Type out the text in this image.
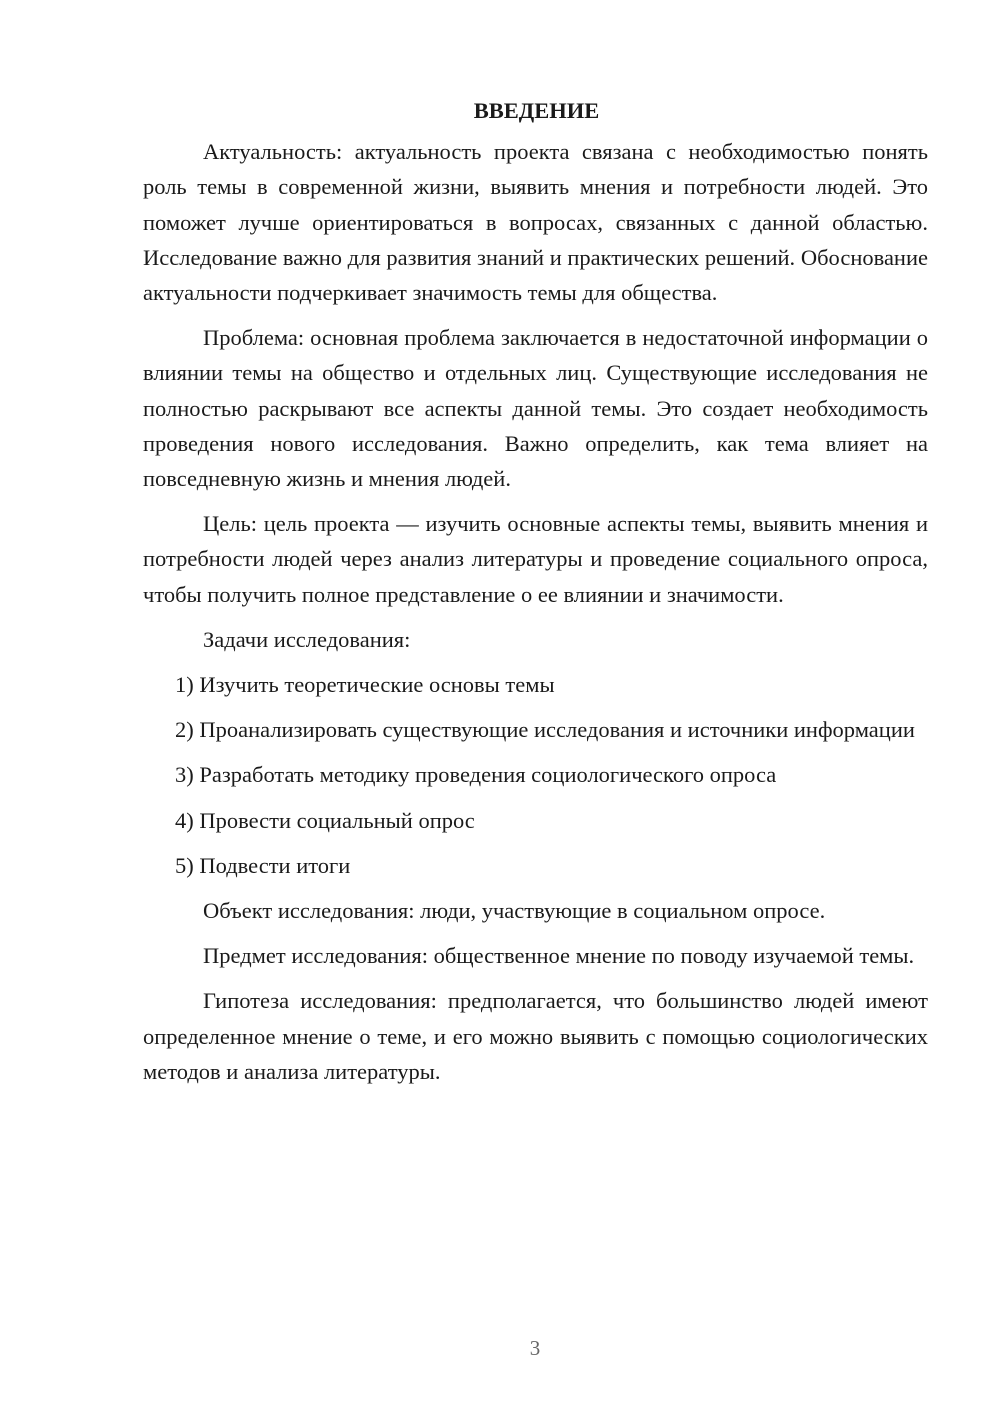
ВВЕДЕНИЕ

Актуальность: актуальность проекта связана с необходимостью понять роль темы в современной жизни, выявить мнения и потребности людей. Это поможет лучше ориентироваться в вопросах, связанных с данной областью. Исследование важно для развития знаний и практических решений. Обоснование актуальности подчеркивает значимость темы для общества.

Проблема: основная проблема заключается в недостаточной информации о влиянии темы на общество и отдельных лиц. Существующие исследования не полностью раскрывают все аспекты данной темы. Это создает необходимость проведения нового исследования. Важно определить, как тема влияет на повседневную жизнь и мнения людей.

Цель: цель проекта — изучить основные аспекты темы, выявить мнения и потребности людей через анализ литературы и проведение социального опроса, чтобы получить полное представление о ее влиянии и значимости.

Задачи исследования:

1) Изучить теоретические основы темы
2) Проанализировать существующие исследования и источники информации
3) Разработать методику проведения социологического опроса
4) Провести социальный опрос
5) Подвести итоги

Объект исследования: люди, участвующие в социальном опросе.

Предмет исследования: общественное мнение по поводу изучаемой темы.

Гипотеза исследования: предполагается, что большинство людей имеют определенное мнение о теме, и его можно выявить с помощью социологических методов и анализа литературы.

3
